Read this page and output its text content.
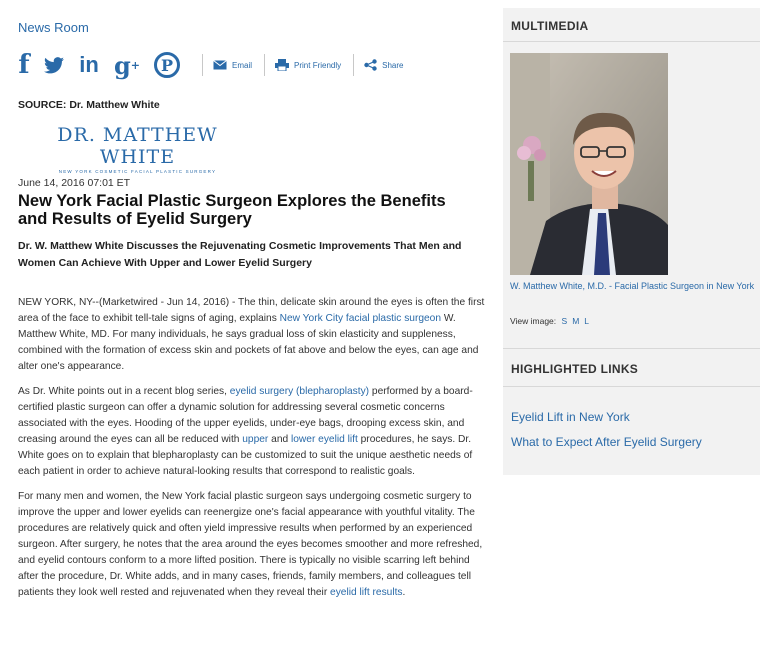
News Room
f in g +	P	Email	Print Friendly	Share
SOURCE: Dr. Matthew White
DR. MATTHEW WHITE
NEW YORK COSMETIC FACIAL PLASTIC SURGERY
June 14, 2016 07:01 ET
New York Facial Plastic Surgeon Explores the Benefits and Results of Eyelid Surgery
Dr. W. Matthew White Discusses the Rejuvenating Cosmetic Improvements That Men and Women Can Achieve With Upper and Lower Eyelid Surgery

NEW YORK, NY--(Marketwired - Jun 14, 2016) - The thin, delicate skin around the eyes is often the first area of the face to exhibit tell-tale signs of aging, explains New York City facial plastic surgeon W. Matthew White, MD. For many individuals, he says gradual loss of skin elasticity and suppleness, combined with the formation of excess skin and pockets of fat above and below the eyes, can age and alter one's appearance.

As Dr. White points out in a recent blog series, eyelid surgery (blepharoplasty) performed by a board-certified plastic surgeon can offer a dynamic solution for addressing several cosmetic concerns associated with the eyes. Hooding of the upper eyelids, under-eye bags, drooping excess skin, and creasing around the eyes can all be reduced with upper and lower eyelid lift procedures, he says. Dr. White goes on to explain that blepharoplasty can be customized to suit the unique aesthetic needs of each patient in order to achieve natural-looking results that correspond to realistic goals.

For many men and women, the New York facial plastic surgeon says undergoing cosmetic surgery to improve the upper and lower eyelids can reenergize one's facial appearance with youthful vitality. The procedures are relatively quick and often yield impressive results when performed by an experienced surgeon. After surgery, he notes that the area around the eyes becomes smoother and more refreshed, and eyelid contours conform to a more lifted position. There is typically no visible scarring left behind after the procedure, Dr. White adds, and in many cases, friends, family members, and colleagues tell patients they look well rested and rejuvenated when they reveal their eyelid lift results.

MULTIMEDIA
W. Matthew White, M.D. - Facial Plastic Surgeon in New York
View image: S M L
HIGHLIGHTED LINKS
Eyelid Lift in New York
What to Expect After Eyelid Surgery
